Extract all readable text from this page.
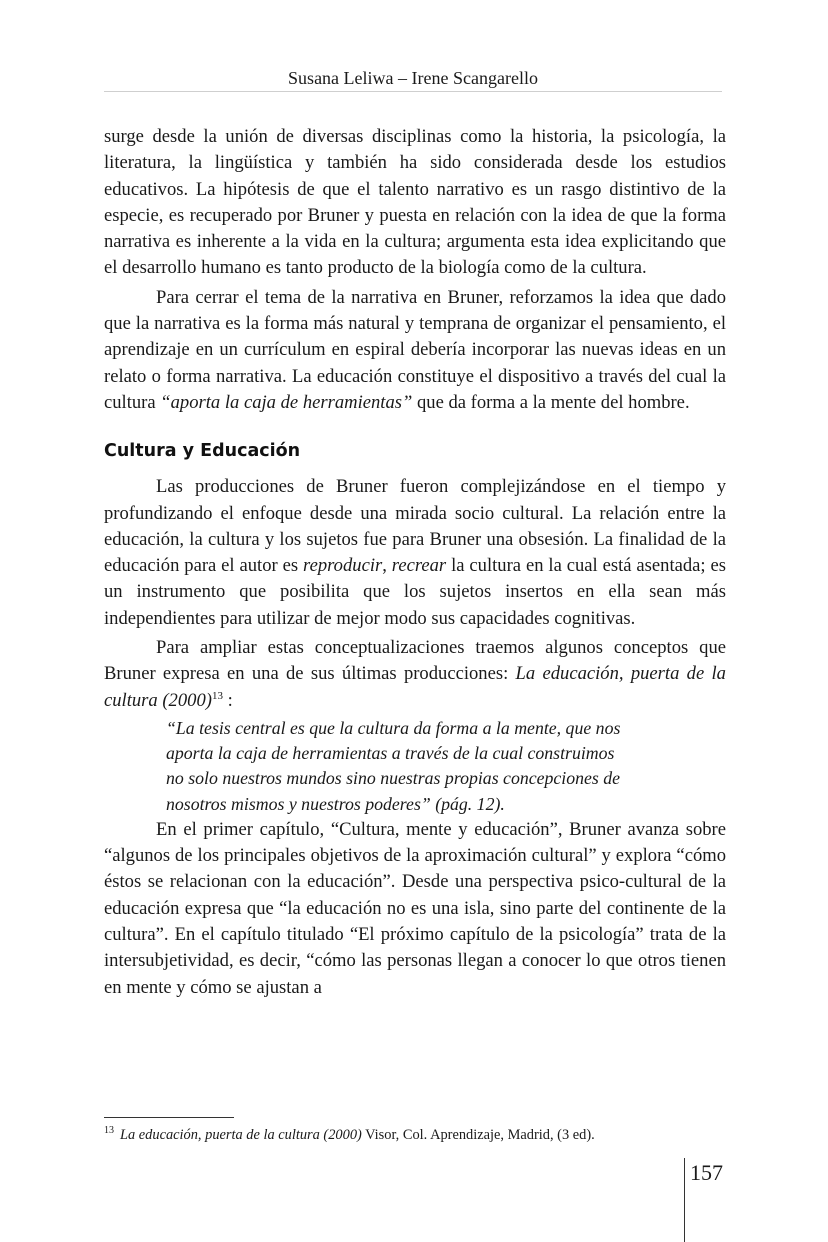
Susana Leliwa – Irene Scangarello

surge desde la unión de diversas disciplinas como la historia, la psicología, la literatura, la lingüística y también ha sido considerada desde los estudios educativos. La hipótesis de que el talento narrativo es un rasgo distintivo de la especie, es recuperado por Bruner y puesta en relación con la idea de que la forma narrativa es inherente a la vida en la cultura; argumenta esta idea explicitando que el desarrollo humano es tanto producto de la biología como de la cultura.

Para cerrar el tema de la narrativa en Bruner, reforzamos la idea que dado que la narrativa es la forma más natural y temprana de organizar el pensamiento, el aprendizaje en un currículum en espiral debería incorporar las nuevas ideas en un relato o forma narrativa. La educación constituye el dispositivo a través del cual la cultura “aporta la caja de herramientas” que da forma a la mente del hombre.

Cultura y Educación

Las producciones de Bruner fueron complejizándose en el tiempo y profundizando el enfoque desde una mirada socio cultural. La relación entre la educación, la cultura y los sujetos fue para Bruner una obsesión. La finalidad de la educación para el autor es reproducir, recrear la cultura en la cual está asentada; es un instrumento que posibilita que los sujetos insertos en ella sean más independientes para utilizar de mejor modo sus capacidades cognitivas.

Para ampliar estas conceptualizaciones traemos algunos conceptos que Bruner expresa en una de sus últimas producciones: La educación, puerta de la cultura $(2000)^{13}$ :

“La tesis central es que la cultura da forma a la mente, que nos
aporta la caja de herramientas a través de la cual construimos
no solo nuestros mundos sino nuestras propias concepciones de
nosotros mismos y nuestros poderes” (pág. 12).

En el primer capítulo, “Cultura, mente y educación”, Bruner avanza sobre “algunos de los principales objetivos de la aproximación cultural” y explora “cómo éstos se relacionan con la educación”. Desde una perspectiva psico-cultural de la educación expresa que “la educación no es una isla, sino parte del continente de la cultura”. En el capítulo titulado “El próximo capítulo de la psicología” trata de la intersubjetividad, es decir, “cómo las personas llegan a conocer lo que otros tienen en mente y cómo se ajustan a

$^{13}$ La educación, puerta de la cultura (2000) Visor, Col. Aprendizaje, Madrid, (3 ed).
157
